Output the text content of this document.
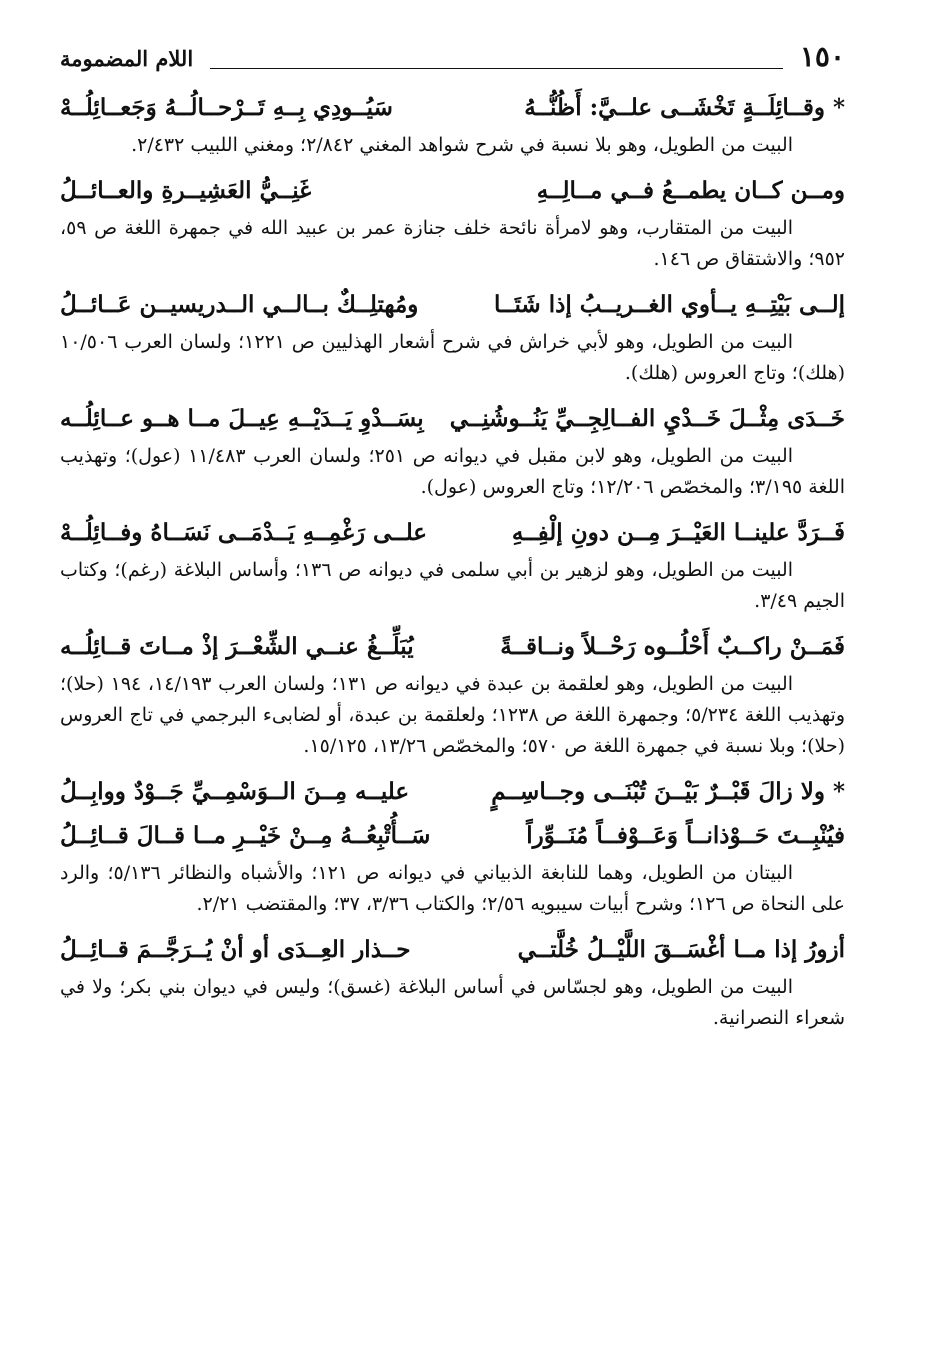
١٥٠
اللام المضمومة
* وقــائِلَــةٍ تَخْشَــى علــيَّ: أَظُنُّــهُ
سَيُــودِي بِــهِ تَــرْحــالُــهُ وَجَعــائِلُــهْ

البيت من الطويل، وهو بلا نسبة في شرح شواهد المغني ٢/٨٤٢؛ ومغني اللبيب ٢/٤٣٢.

ومــن كــان يطمــعُ فــي مــالِــهِ
غَنِــيُّ العَشِيــرةِ والعــائــلُ

البيت من المتقارب، وهو لامرأة نائحة خلف جنازة عمر بن عبيد الله في جمهرة اللغة ص ٥٩، ٩٥٢؛ والاشتقاق ص ١٤٦.

إلــى بَيْتِــهِ يــأوي الغــريــبُ إذا شَتَــا
ومُهتلِــكٌ بــالــي الــدريسيــن عَــائــلُ

البيت من الطويل، وهو لأبي خراش في شرح أشعار الهذليين ص ١٢٢١؛ ولسان العرب ١٠/٥٠٦ (هلك)؛ وتاج العروس (هلك).

خَــدَى مِثْــلَ خَــدْيِ الفــالِجِــيِّ يَنُــوشُنِــي
بِسَــدْوِ يَــدَيْــهِ عِيــلَ مــا هــو عــائِلُــه

البيت من الطويل، وهو لابن مقبل في ديوانه ص ٢٥١؛ ولسان العرب ١١/٤٨٣ (عول)؛ وتهذيب اللغة ٣/١٩٥؛ والمخصّص ١٢/٢٠٦؛ وتاج العروس (عول).

فَــرَدَّ علينــا العَيْــرَ مِــن دونِ إلْفِــهِ
علــى رَغْمِــهِ يَــدْمَــى نَسَــاهُ وفــائِلُــهْ

البيت من الطويل، وهو لزهير بن أبي سلمى في ديوانه ص ١٣٦؛ وأساس البلاغة (رغم)؛ وكتاب الجيم ٣/٤٩.

فَمَــنْ راكــبٌ أَحْلُــوه رَحْــلاً ونــاقــةً
يُبَلِّــغُ عنــي الشِّعْــرَ إذْ مــاتَ قــائِلُــه

البيت من الطويل، وهو لعلقمة بن عبدة في ديوانه ص ١٣١؛ ولسان العرب ١٤/١٩٣، ١٩٤ (حلا)؛ وتهذيب اللغة ٥/٢٣٤؛ وجمهرة اللغة ص ١٢٣٨؛ ولعلقمة بن عبدة، أو لضابىء البرجمي في تاج العروس (حلا)؛ وبلا نسبة في جمهرة اللغة ص ٥٧٠؛ والمخصّص ١٣/٢٦، ١٥/١٢٥.

* ولا زالَ قَبْــرٌ بَيْــنَ تُبْنَــى وجــاسِــمٍ
عليــه مِــنَ الــوَسْمِــيِّ جَــوْدٌ ووابِــلُ
فيُنْبِــتَ حَــوْذانــاً وَعَــوْفــاً مُنَــوِّراً
سَــأُتْبِعُــهُ مِــنْ خَيْــرِ مــا قــالَ قــائِــلُ

البيتان من الطويل، وهما للنابغة الذبياني في ديوانه ص ١٢١؛ والأشباه والنظائر ٥/١٣٦؛ والرد على النحاة ص ١٢٦؛ وشرح أبيات سيبويه ٢/٥٦؛ والكتاب ٣/٣٦، ٣٧؛ والمقتضب ٢/٢١.

أزورُ إذا مــا أغْسَــقَ اللَّيْــلُ خُلَّتــي
حــذار العِــدَى أو أنْ يُــرَجَّــمَ قــائِــلُ

البيت من الطويل، وهو لجسّاس في أساس البلاغة (غسق)؛ وليس في ديوان بني بكر؛ ولا في شعراء النصرانية.
